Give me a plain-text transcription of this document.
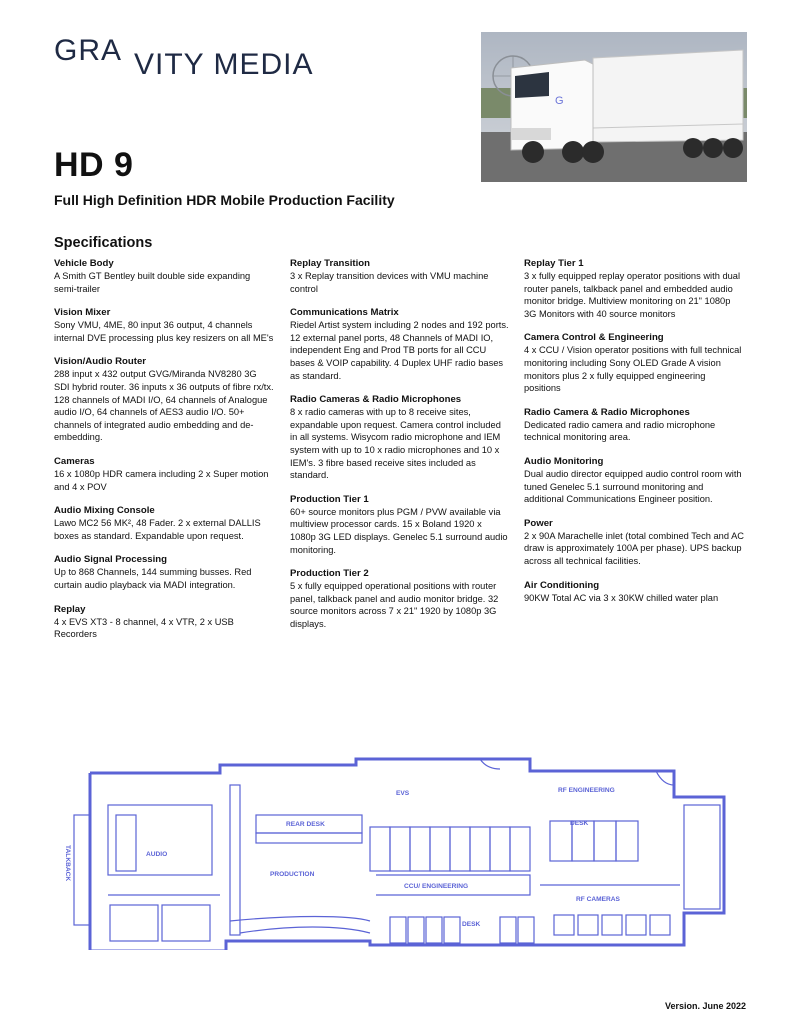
GRA VITY MEDIA
G
HD 9
Full High Definition HDR Mobile Production Facility
Specifications
Vehicle Body

A Smith GT Bentley built double side expanding semi-trailer

Vision Mixer

Sony VMU, 4ME, 80 input 36 output, 4 channels internal DVE processing plus key resizers on all ME's

Vision/Audio Router

288 input x 432 output GVG/Miranda NV8280 3G SDI hybrid router. 36 inputs x 36 outputs of fibre rx/tx. 128 channels of MADI I/O, 64 channels of Analogue audio I/O, 64 channels of AES3 audio I/O. 50+ channels of integrated audio embedding and de-embedding.

Cameras

16 x 1080p HDR camera including 2 x Super motion and 4 x POV

Audio Mixing Console

Lawo MC2 56 MK², 48 Fader. 2 x external DALLIS boxes as standard. Expandable upon request.

Audio Signal Processing

Up to 868 Channels, 144 summing busses. Red curtain audio playback via MADI integration.

Replay

4 x EVS XT3 - 8 channel, 4 x VTR, 2 x USB Recorders

Replay Transition

3 x Replay transition devices with VMU machine control

Communications Matrix

Riedel Artist system including 2 nodes and 192 ports. 12 external panel ports, 48 Channels of MADI IO, independent Eng and Prod TB ports for all CCU bases & VOIP capability. 4 Duplex UHF radio bases as standard.

Radio Cameras & Radio Microphones

8 x radio cameras with up to 8 receive sites, expandable upon request. Camera control included in all systems. Wisycom radio microphone and IEM system with up to 10 x radio microphones and 10 x IEM's. 3 fibre based receive sites included as standard.

Production Tier 1

60+ source monitors plus PGM / PVW available via multiview processor cards. 15 x Boland 1920 x 1080p 3G LED displays. Genelec 5.1 surround audio monitoring.

Production Tier 2

5 x fully equipped operational positions with router panel, talkback panel and audio monitor bridge. 32 source monitors across 7 x 21" 1920 by 1080p 3G displays.

Replay Tier 1

3 x fully equipped replay operator positions with dual router panels, talkback panel and embedded audio monitor bridge. Multiview monitoring on 21" 1080p 3G Monitors with 40 source monitors

Camera Control & Engineering

4 x CCU / Vision operator positions with full technical monitoring including Sony OLED Grade A vision monitors plus 2 x fully equipped engineering positions

Radio Camera & Radio Microphones

Dedicated radio camera and radio microphone technical monitoring area.

Audio Monitoring

Dual audio director equipped audio control room with tuned Genelec 5.1 surround monitoring and additional Communications Engineer position.

Power

2 x 90A Marachelle inlet (total combined Tech and AC draw is approximately 100A per phase). UPS backup across all technical facilities.

Air Conditioning

90KW Total AC via 3 x 30KW chilled water plan

AUDIO
TALKBACK
REAR DESK
PRODUCTION
EVS
CCU/ ENGINEERING
DESK
RF ENGINEERING
DESK
RF CAMERAS
Version. June 2022
